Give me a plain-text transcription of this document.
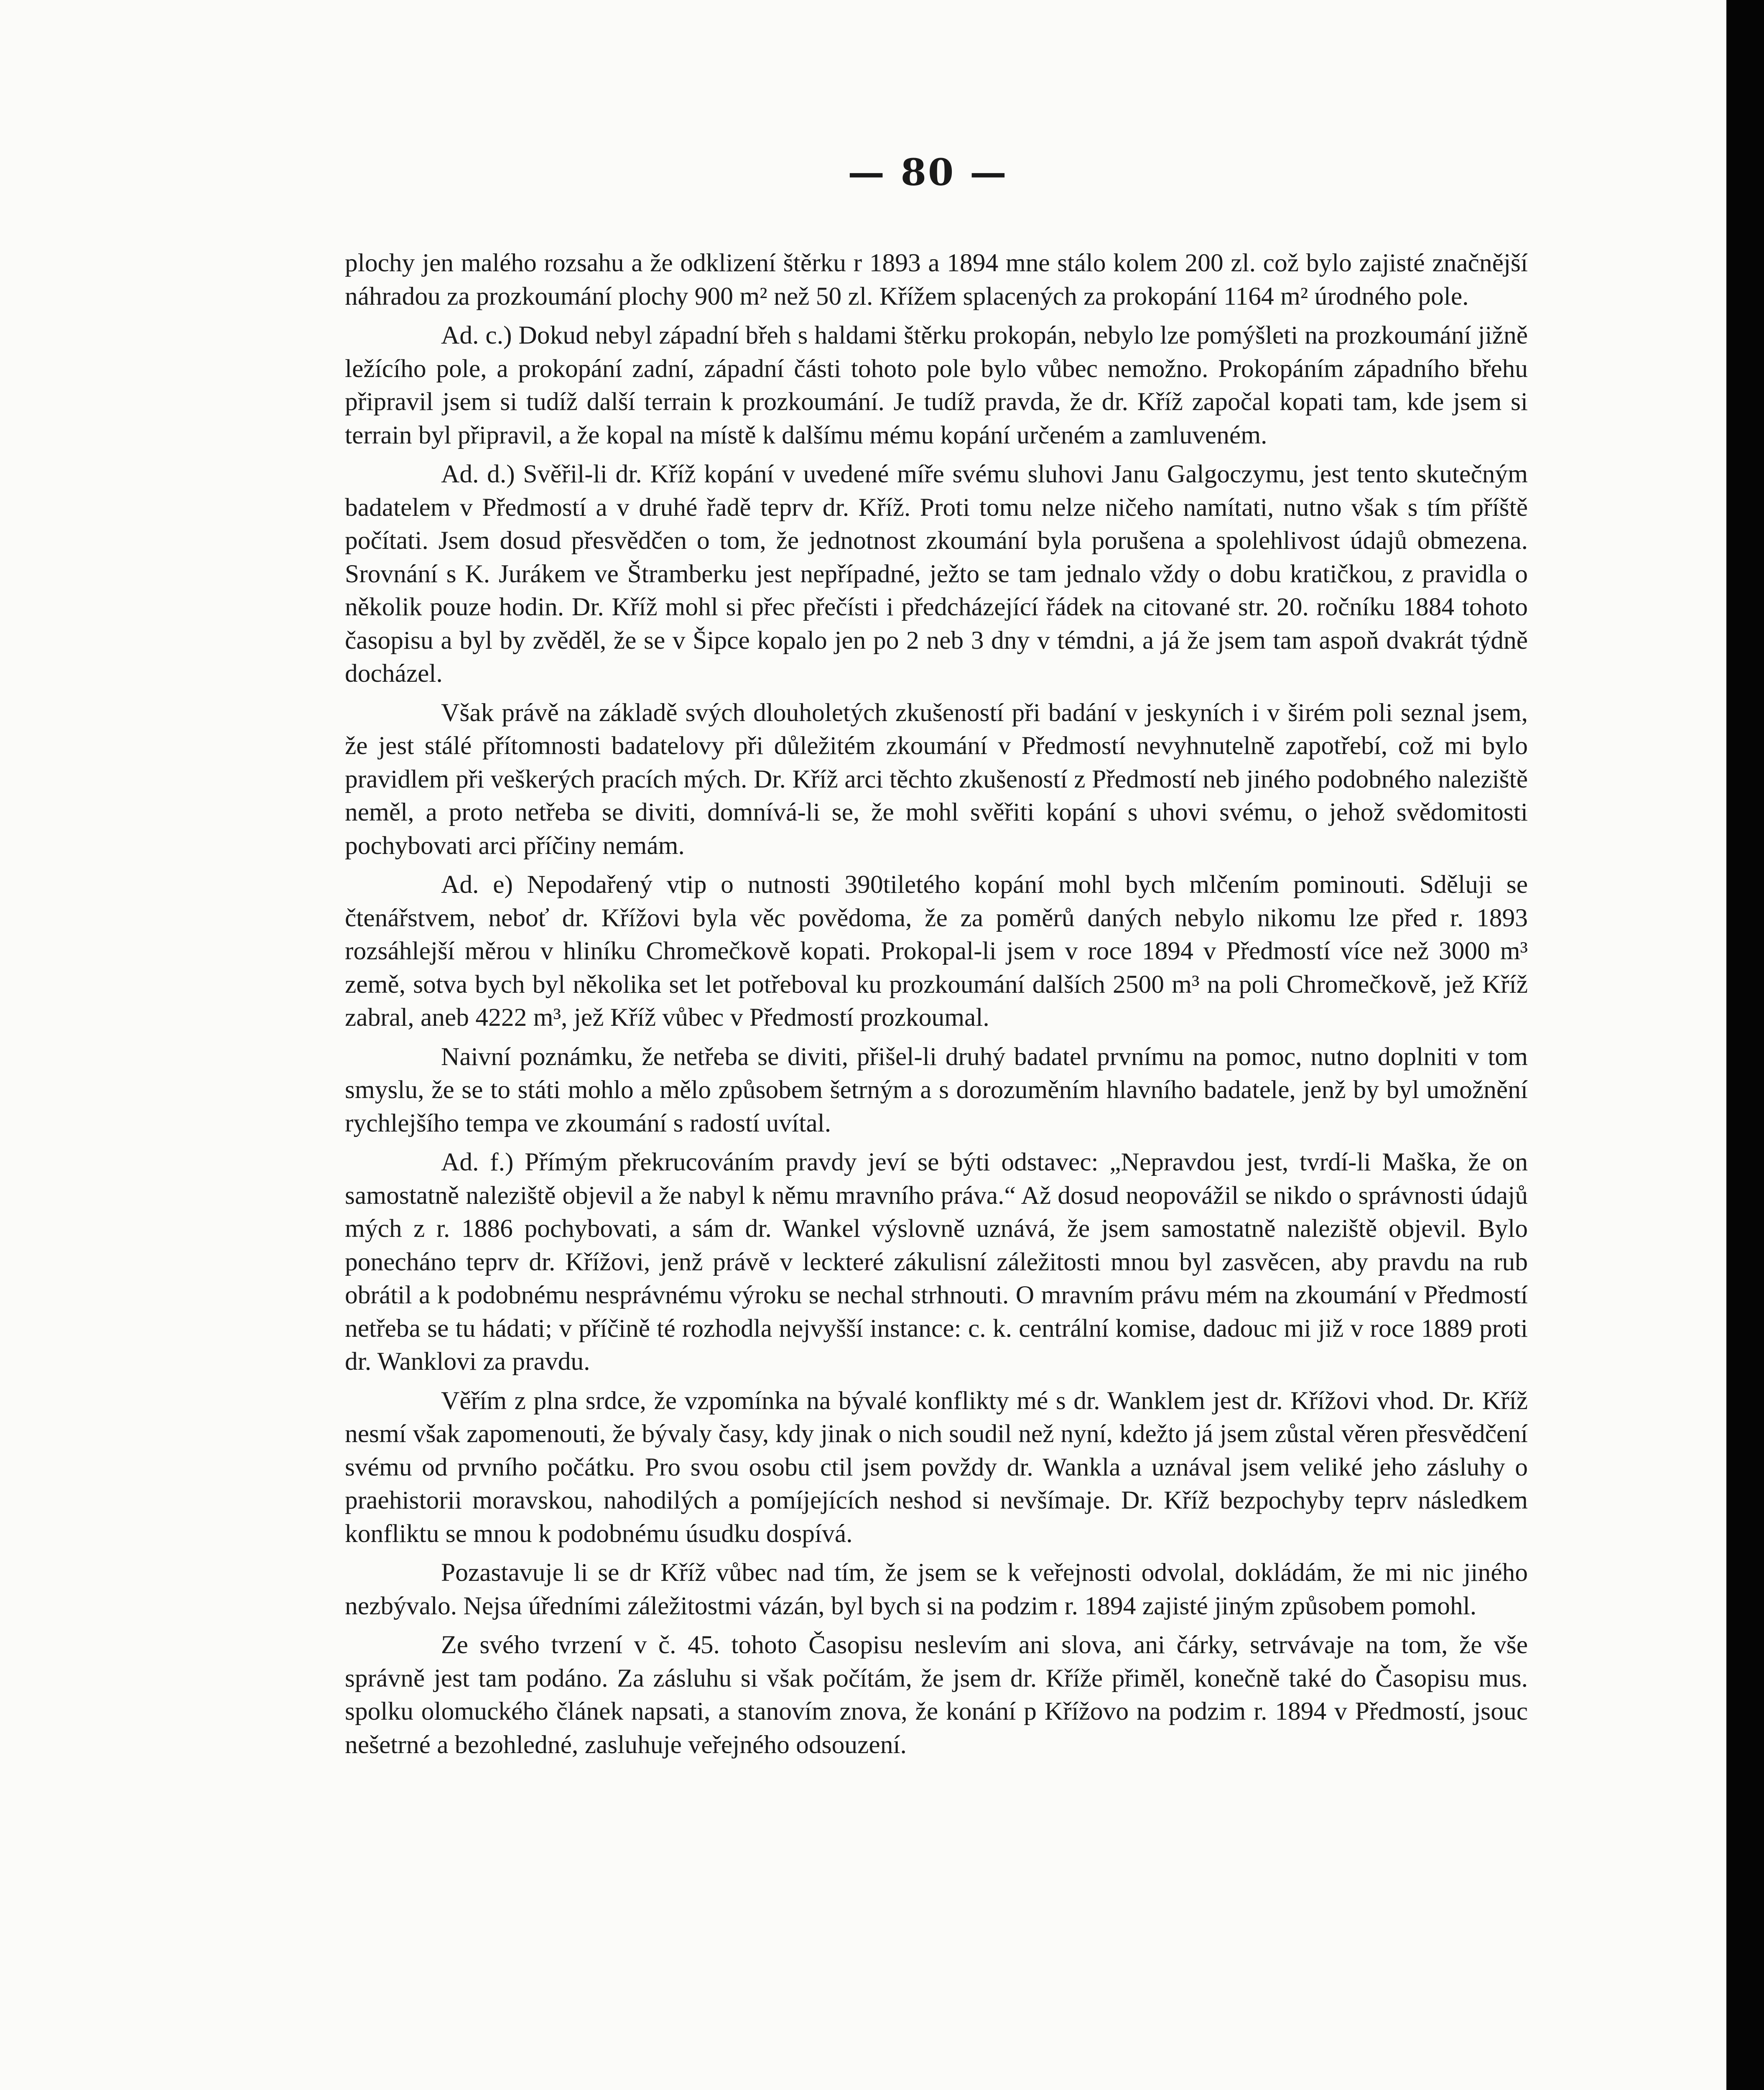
— 80 —

plochy jen malého rozsahu a že odklizení štěrku r 1893 a 1894 mne stálo kolem 200 zl. což bylo zajisté značnější náhradou za prozkoumání plochy 900 m² než 50 zl. Křížem splacených za prokopání 1164 m² úrodného pole.

Ad. c.) Dokud nebyl západní břeh s haldami štěrku prokopán, nebylo lze pomýšleti na prozkoumání jižně ležícího pole, a prokopání zadní, západní části tohoto pole bylo vůbec nemožno. Prokopáním západního břehu připravil jsem si tudíž další terrain k prozkoumání. Je tudíž pravda, že dr. Kříž započal kopati tam, kde jsem si terrain byl připravil, a že kopal na místě k dalšímu mému kopání určeném a zamluveném.

Ad. d.) Svěřil-li dr. Kříž kopání v uvedené míře svému sluhovi Janu Galgoczymu, jest tento skutečným badatelem v Předmostí a v druhé řadě teprv dr. Kříž. Proti tomu nelze ničeho namítati, nutno však s tím příště počítati. Jsem dosud přesvědčen o tom, že jednotnost zkoumání byla porušena a spolehlivost údajů obmezena. Srovnání s K. Jurákem ve Štramberku jest nepřípadné, ježto se tam jednalo vždy o dobu kratičkou, z pravidla o několik pouze hodin. Dr. Kříž mohl si přec přečísti i předcházející řádek na citované str. 20. ročníku 1884 tohoto časopisu a byl by zvěděl, že se v Šipce kopalo jen po 2 neb 3 dny v témdni, a já že jsem tam aspoň dvakrát týdně docházel.

Však právě na základě svých dlouholetých zkušeností při badání v jeskyních i v širém poli seznal jsem, že jest stálé přítomnosti badatelovy při důležitém zkoumání v Předmostí nevyhnutelně zapotřebí, což mi bylo pravidlem při veškerých pracích mých. Dr. Kříž arci těchto zkušeností z Předmostí neb jiného podobného naleziště neměl, a proto netřeba se diviti, domnívá-li se, že mohl svěřiti kopání s uhovi svému, o jehož svědomitosti pochybovati arci příčiny nemám.

Ad. e) Nepodařený vtip o nutnosti 390tiletého kopání mohl bych mlčením pominouti. Sděluji se čtenářstvem, neboť dr. Křížovi byla věc povědoma, že za poměrů daných nebylo nikomu lze před r. 1893 rozsáhlejší měrou v hliníku Chromečkově kopati. Prokopal-li jsem v roce 1894 v Předmostí více než 3000 m³ země, sotva bych byl několika set let potřeboval ku prozkoumání dalších 2500 m³ na poli Chromečkově, jež Kříž zabral, aneb 4222 m³, jež Kříž vůbec v Předmostí prozkoumal.

Naivní poznámku, že netřeba se diviti, přišel-li druhý badatel prvnímu na pomoc, nutno doplniti v tom smyslu, že se to státi mohlo a mělo způsobem šetrným a s dorozuměním hlavního badatele, jenž by byl umožnění rychlejšího tempa ve zkoumání s radostí uvítal.

Ad. f.) Přímým překrucováním pravdy jeví se býti odstavec: „Nepravdou jest, tvrdí-li Maška, že on samostatně naleziště objevil a že nabyl k němu mravního práva.“ Až dosud neopovážil se nikdo o správnosti údajů mých z r. 1886 pochybovati, a sám dr. Wankel výslovně uznává, že jsem samostatně naleziště objevil. Bylo ponecháno teprv dr. Křížovi, jenž právě v leckteré zákulisní záležitosti mnou byl zasvěcen, aby pravdu na rub obrátil a k podobnému nesprávnému výroku se nechal strhnouti. O mravním právu mém na zkoumání v Předmostí netřeba se tu hádati; v příčině té rozhodla nejvyšší instance: c. k. centrální komise, dadouc mi již v roce 1889 proti dr. Wanklovi za pravdu.

Věřím z plna srdce, že vzpomínka na bývalé konflikty mé s dr. Wanklem jest dr. Křížovi vhod. Dr. Kříž nesmí však zapomenouti, že bývaly časy, kdy jinak o nich soudil než nyní, kdežto já jsem zůstal věren přesvědčení svému od prvního počátku. Pro svou osobu ctil jsem povždy dr. Wankla a uznával jsem veliké jeho zásluhy o praehistorii moravskou, nahodilých a pomíjejících neshod si nevšímaje. Dr. Kříž bezpochyby teprv následkem konfliktu se mnou k podobnému úsudku dospívá.

Pozastavuje li se dr Kříž vůbec nad tím, že jsem se k veřejnosti odvolal, dokládám, že mi nic jiného nezbývalo. Nejsa úředními záležitostmi vázán, byl bych si na podzim r. 1894 zajisté jiným způsobem pomohl.

Ze svého tvrzení v č. 45. tohoto Časopisu neslevím ani slova, ani čárky, setrvávaje na tom, že vše správně jest tam podáno. Za zásluhu si však počítám, že jsem dr. Kříže přiměl, konečně také do Časopisu mus. spolku olomuckého článek napsati, a stanovím znova, že konání p Křížovo na podzim r. 1894 v Předmostí, jsouc nešetrné a bezohledné, zasluhuje veřejného odsouzení.
